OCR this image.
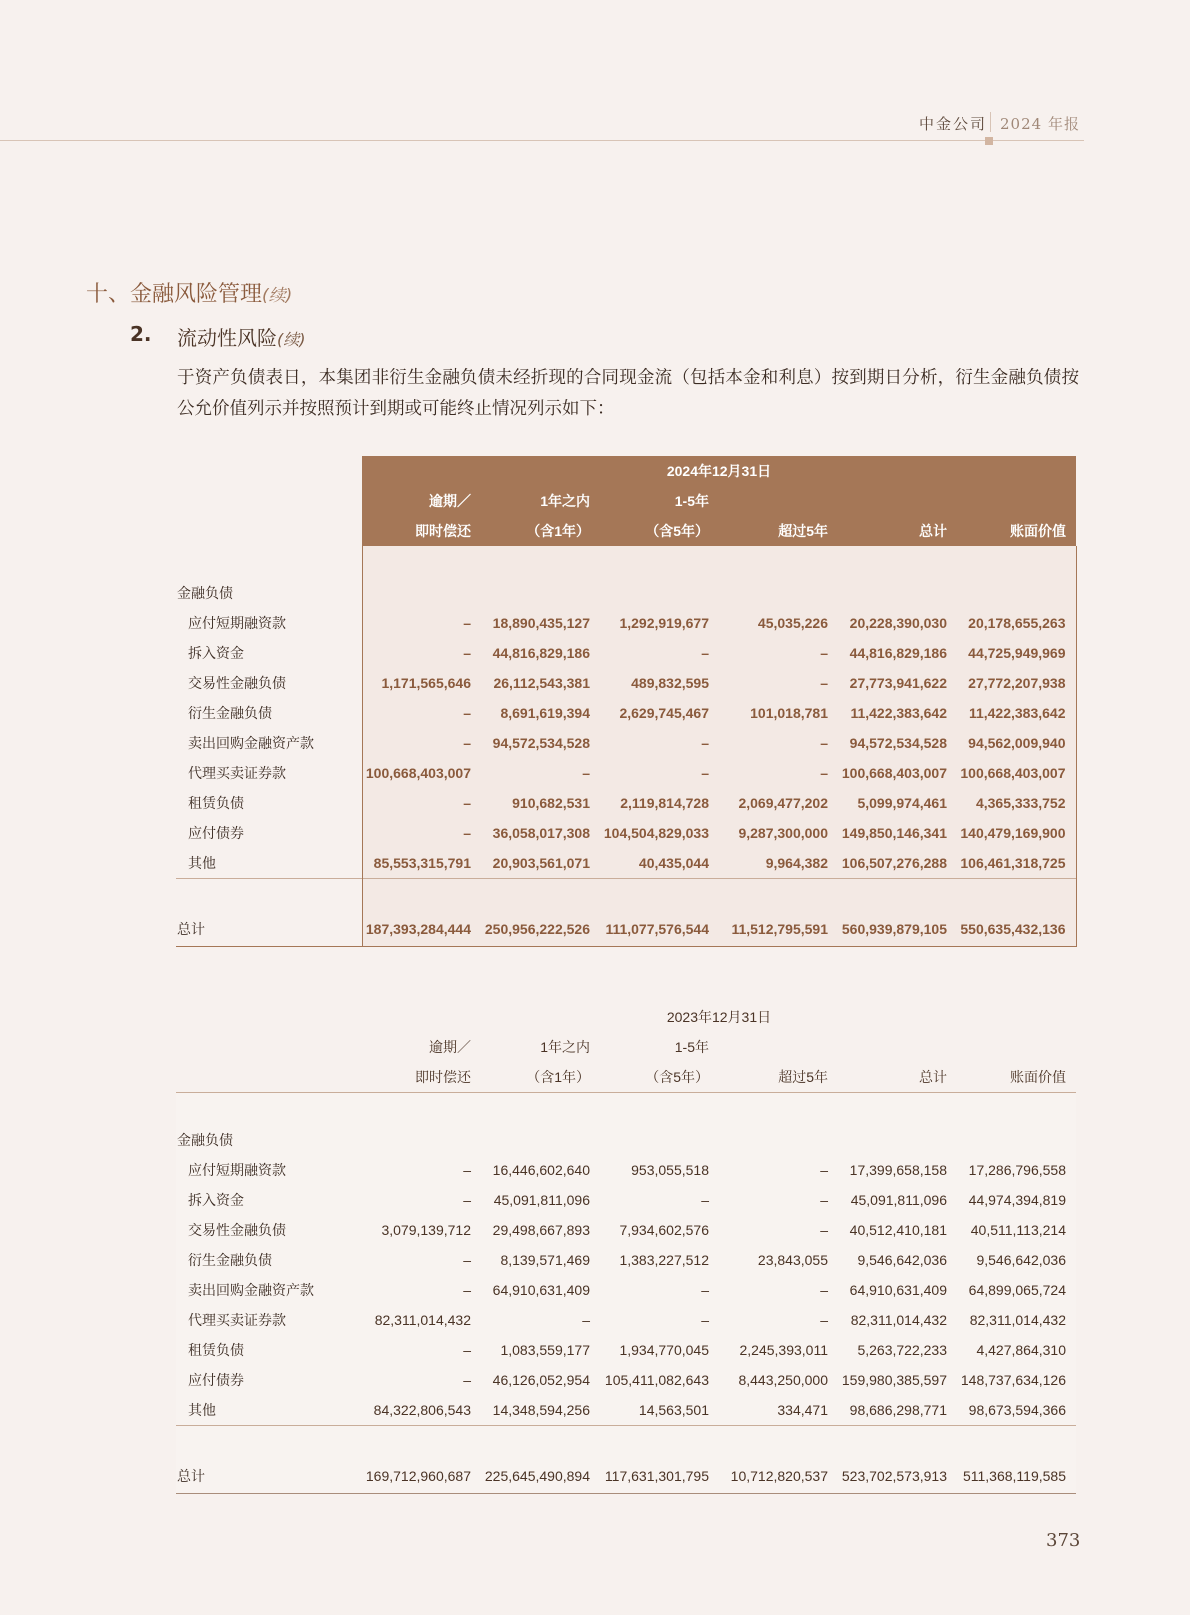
中金公司 2024 年报
十、金融风险管理(续)
2. 流动性风险(续)
于资产负债表日，本集团非衍生金融负债未经折现的合同现金流（包括本金和利息）按到期日分析，衍生金融负债按公允价值列示并按照预计到期或可能终止情况列示如下：
	2024年12月31日					
	逾期／	1年之内	1-5年			
	即时偿还	（含1年）	（含5年）	超过5年	总计	账面价值

金融负债						
应付短期融资款	–	18,890,435,127	1,292,919,677	45,035,226	20,228,390,030	20,178,655,263
拆入资金	–	44,816,829,186	–	–	44,816,829,186	44,725,949,969
交易性金融负债	1,171,565,646	26,112,543,381	489,832,595	–	27,773,941,622	27,772,207,938
衍生金融负债	–	8,691,619,394	2,629,745,467	101,018,781	11,422,383,642	11,422,383,642
卖出回购金融资产款	–	94,572,534,528	–	–	94,572,534,528	94,562,009,940
代理买卖证券款	100,668,403,007	–	–	–	100,668,403,007	100,668,403,007
租赁负债	–	910,682,531	2,119,814,728	2,069,477,202	5,099,974,461	4,365,333,752
应付债券	–	36,058,017,308	104,504,829,033	9,287,300,000	149,850,146,341	140,479,169,900
其他	85,553,315,791	20,903,561,071	40,435,044	9,964,382	106,507,276,288	106,461,318,725

总计	187,393,284,444	250,956,222,526	111,077,576,544	11,512,795,591	560,939,879,105	550,635,432,136
	2023年12月31日					
	逾期／	1年之内	1-5年			
	即时偿还	（含1年）	（含5年）	超过5年	总计	账面价值

金融负债						
应付短期融资款	–	16,446,602,640	953,055,518	–	17,399,658,158	17,286,796,558
拆入资金	–	45,091,811,096	–	–	45,091,811,096	44,974,394,819
交易性金融负债	3,079,139,712	29,498,667,893	7,934,602,576	–	40,512,410,181	40,511,113,214
衍生金融负债	–	8,139,571,469	1,383,227,512	23,843,055	9,546,642,036	9,546,642,036
卖出回购金融资产款	–	64,910,631,409	–	–	64,910,631,409	64,899,065,724
代理买卖证券款	82,311,014,432	–	–	–	82,311,014,432	82,311,014,432
租赁负债	–	1,083,559,177	1,934,770,045	2,245,393,011	5,263,722,233	4,427,864,310
应付债券	–	46,126,052,954	105,411,082,643	8,443,250,000	159,980,385,597	148,737,634,126
其他	84,322,806,543	14,348,594,256	14,563,501	334,471	98,686,298,771	98,673,594,366

总计	169,712,960,687	225,645,490,894	117,631,301,795	10,712,820,537	523,702,573,913	511,368,119,585
373
